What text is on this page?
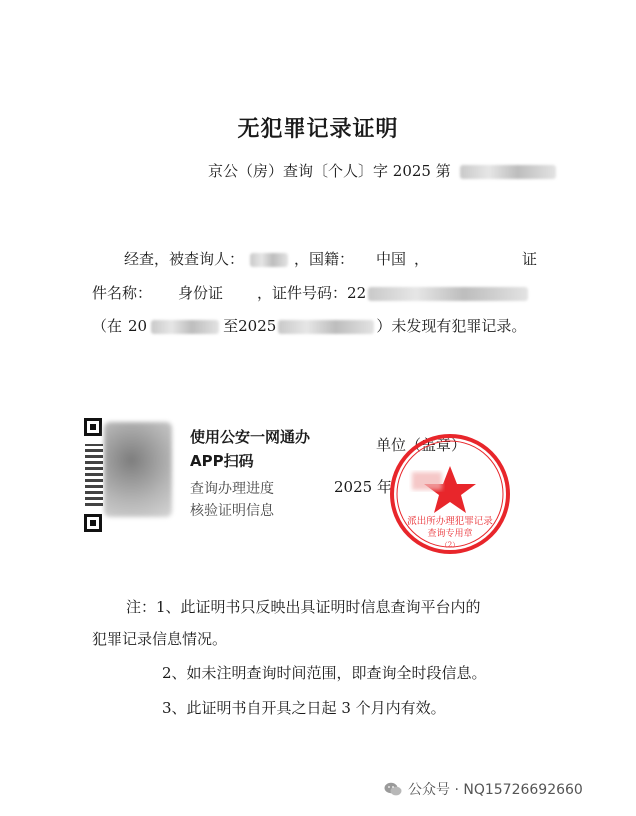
无犯罪记录证明
京公（房）查询〔个人〕字 2025 第
经查，被查询人：	，国籍： 中国 ，	证
件名称： 身份证 ，证件号码：22
（在 20	至2025	）未发现有犯罪记录。
使用公安一网通办
APP扫码
查询办理进度
核验证明信息
单位（盖章）
2025 年
派出所办理犯罪记录
查询专用章
（2）
注：1、此证明书只反映出具证明时信息查询平台内的
犯罪记录信息情况。
2、如未注明查询时间范围，即查询全时段信息。
3、此证明书自开具之日起 3 个月内有效。
公众号 · NQ15726692660
